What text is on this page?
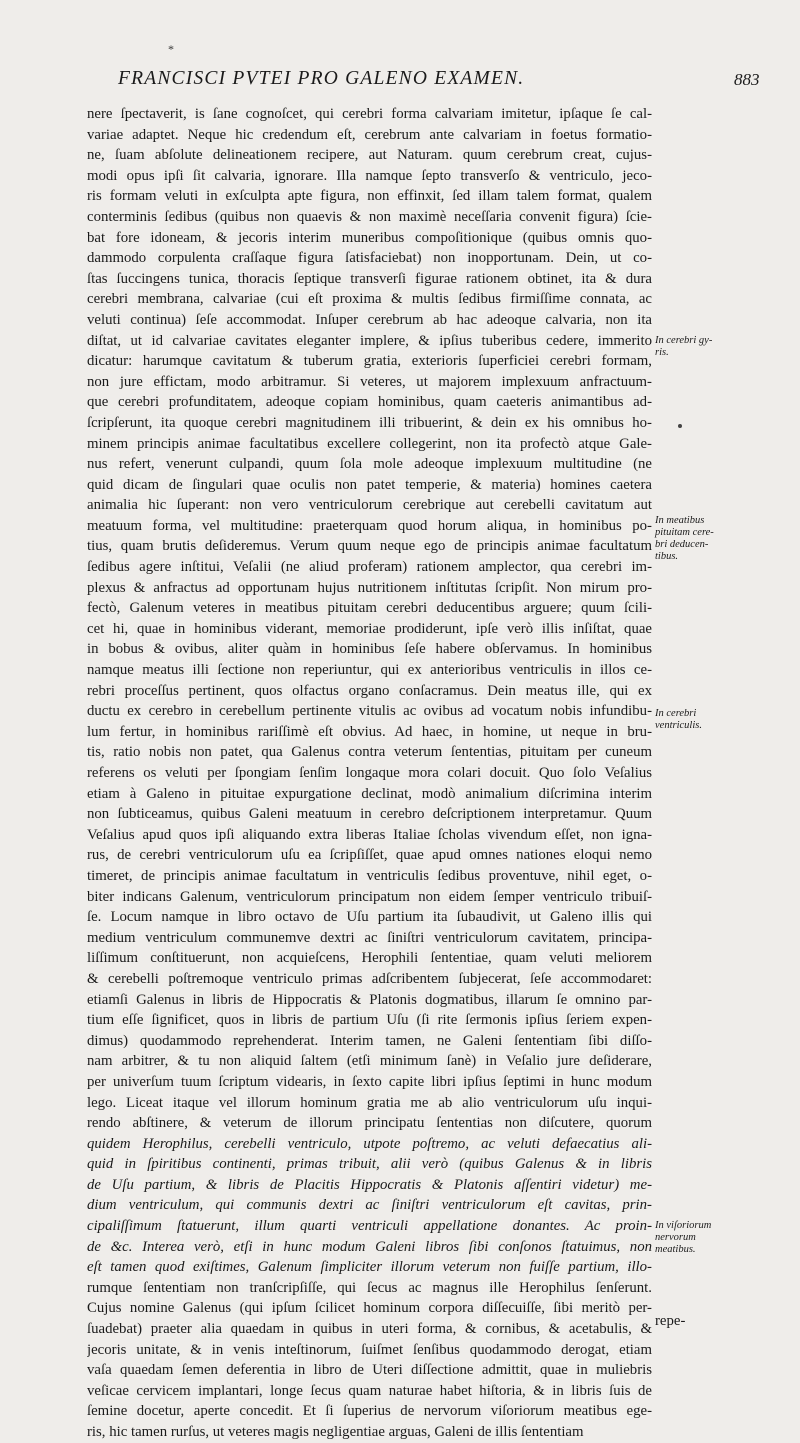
*
FRANCISCI PVTEI PRO GALENO EXAMEN.	883
nere ſpectaverit, is ſane cognoſcet, qui cerebri forma calvariam imitetur, ipſaque ſe cal-
variae adaptet. Neque hic credendum eſt, cerebrum ante calvariam in foetus formatio-
ne, ſuam abſolute delineationem recipere, aut Naturam. quum cerebrum creat, cujus-
modi opus ipſi ſit calvaria, ignorare. Illa namque ſepto transverſo & ventriculo, jeco-
ris formam veluti in exſculpta apte figura, non effinxit, ſed illam talem format, qualem
conterminis ſedibus (quibus non quaevis & non maximè neceſſaria convenit figura) ſcie-
bat fore idoneam, & jecoris interim muneribus compoſitionique (quibus omnis quo-
dammodo corpulenta craſſaque figura ſatisfaciebat) non inopportunam. Dein, ut co-
ſtas ſuccingens tunica, thoracis ſeptique transverſi figurae rationem obtinet, ita & dura
cerebri membrana, calvariae (cui eſt proxima & multis ſedibus firmiſſime connata, ac
veluti continua) ſeſe accommodat. Inſuper cerebrum ab hac adeoque calvaria, non ita
diſtat, ut id calvariae cavitates eleganter implere, & ipſius tuberibus cedere, immerito
dicatur: harumque cavitatum & tuberum gratia, exterioris ſuperficiei cerebri formam,
non jure effictam, modo arbitramur. Si veteres, ut majorem implexuum anfractuum-
que cerebri profunditatem, adeoque copiam hominibus, quam caeteris animantibus ad-
ſcripſerunt, ita quoque cerebri magnitudinem illi tribuerint, & dein ex his omnibus ho-
minem principis animae facultatibus excellere collegerint, non ita profectò atque Gale-
nus refert, venerunt culpandi, quum ſola mole adeoque implexuum multitudine (ne
quid dicam de ſingulari quae oculis non patet temperie, & materia) homines caetera
animalia hic ſuperant: non vero ventriculorum cerebrique aut cerebelli cavitatum aut
meatuum forma, vel multitudine: praeterquam quod horum aliqua, in hominibus po-
tius, quam brutis deſideremus. Verum quum neque ego de principis animae facultatum
ſedibus agere inſtitui, Veſalii (ne aliud proferam) rationem amplector, qua cerebri im-
plexus & anfractus ad opportunam hujus nutritionem inſtitutas ſcripſit. Non mirum pro-
fectò, Galenum veteres in meatibus pituitam cerebri deducentibus arguere; quum ſcili-
cet hi, quae in hominibus viderant, memoriae prodiderunt, ipſe verò illis inſiſtat, quae
in bobus & ovibus, aliter quàm in hominibus ſeſe habere obſervamus. In hominibus
namque meatus illi ſectione non reperiuntur, qui ex anterioribus ventriculis in illos ce-
rebri proceſſus pertinent, quos olfactus organo conſacramus. Dein meatus ille, qui ex
ductu ex cerebro in cerebellum pertinente vitulis ac ovibus ad vocatum nobis infundibu-
lum fertur, in hominibus rariſſimè eſt obvius. Ad haec, in homine, ut neque in bru-
tis, ratio nobis non patet, qua Galenus contra veterum ſententias, pituitam per cuneum
referens os veluti per ſpongiam ſenſim longaque mora colari docuit. Quo ſolo Veſalius
etiam à Galeno in pituitae expurgatione declinat, modò animalium diſcrimina interim
non ſubticeamus, quibus Galeni meatuum in cerebro deſcriptionem interpretamur. Quum
Veſalius apud quos ipſi aliquando extra liberas Italiae ſcholas vivendum eſſet, non igna-
rus, de cerebri ventriculorum uſu ea ſcripſiſſet, quae apud omnes nationes eloqui nemo
timeret, de principis animae facultatum in ventriculis ſedibus proventuve, nihil eget, o-
biter indicans Galenum, ventriculorum principatum non eidem ſemper ventriculo tribuiſ-
ſe. Locum namque in libro octavo de Uſu partium ita ſubaudivit, ut Galeno illis qui
medium ventriculum communemve dextri ac ſiniſtri ventriculorum cavitatem, principa-
liſſimum conſtituerunt, non acquieſcens, Herophili ſententiae, quam veluti meliorem
& cerebelli poſtremoque ventriculo primas adſcribentem ſubjecerat, ſeſe accommodaret:
etiamſi Galenus in libris de Hippocratis & Platonis dogmatibus, illarum ſe omnino par-
tium eſſe ſignificet, quos in libris de partium Uſu (ſi rite ſermonis ipſius ſeriem expen-
dimus) quodammodo reprehenderat. Interim tamen, ne Galeni ſententiam ſibi diſſo-
nam arbitrer, & tu non aliquid ſaltem (etſi minimum ſanè) in Veſalio jure deſiderare,
per univerſum tuum ſcriptum videaris, in ſexto capite libri ipſius ſeptimi in hunc modum
lego. Liceat itaque vel illorum hominum gratia me ab alio ventriculorum uſu inqui-
rendo abſtinere, & veterum de illorum principatu ſententias non diſcutere, quorum
quidem Herophilus, cerebelli ventriculo, utpote poſtremo, ac veluti defaecatius ali-
quid in ſpiritibus continenti, primas tribuit, alii verò (quibus Galenus & in libris
de Uſu partium, & libris de Placitis Hippocratis & Platonis aſſentiri videtur) me-
dium ventriculum, qui communis dextri ac ſiniſtri ventriculorum eſt cavitas, prin-
cipaliſſimum ſtatuerunt, illum quarti ventriculi appellatione donantes. Ac proin-
de &c. Interea verò, etſi in hunc modum Galeni libros ſibi conſonos ſtatuimus, non
eſt tamen quod exiſtimes, Galenum ſimpliciter illorum veterum non fuiſſe partium, illo-
rumque ſententiam non tranſcripſiſſe, qui ſecus ac magnus ille Herophilus ſenſerunt.
Cujus nomine Galenus (qui ipſum ſcilicet hominum corpora diſſecuiſſe, ſibi meritò per-
ſuadebat) praeter alia quaedam in quibus in uteri forma, & cornibus, & acetabulis, &
jecoris unitate, & in venis inteſtinorum, ſuiſmet ſenſibus quodammodo derogat, etiam
vaſa quaedam ſemen deferentia in libro de Uteri diſſectione admittit, quae in muliebris
veſicae cervicem implantari, longe ſecus quam naturae habet hiſtoria, & in libris ſuis de
ſemine docetur, aperte concedit. Et ſi ſuperius de nervorum viſoriorum meatibus ege-
ris, hic tamen rurſus, ut veteres magis negligentiae arguas, Galeni de illis ſententiam
repe-
In cerebri gy-
ris.
In meatibus
pituitam cere-
bri deducen-
tibus.
In cerebri
ventriculis.
In viſoriorum
nervorum
meatibus.
